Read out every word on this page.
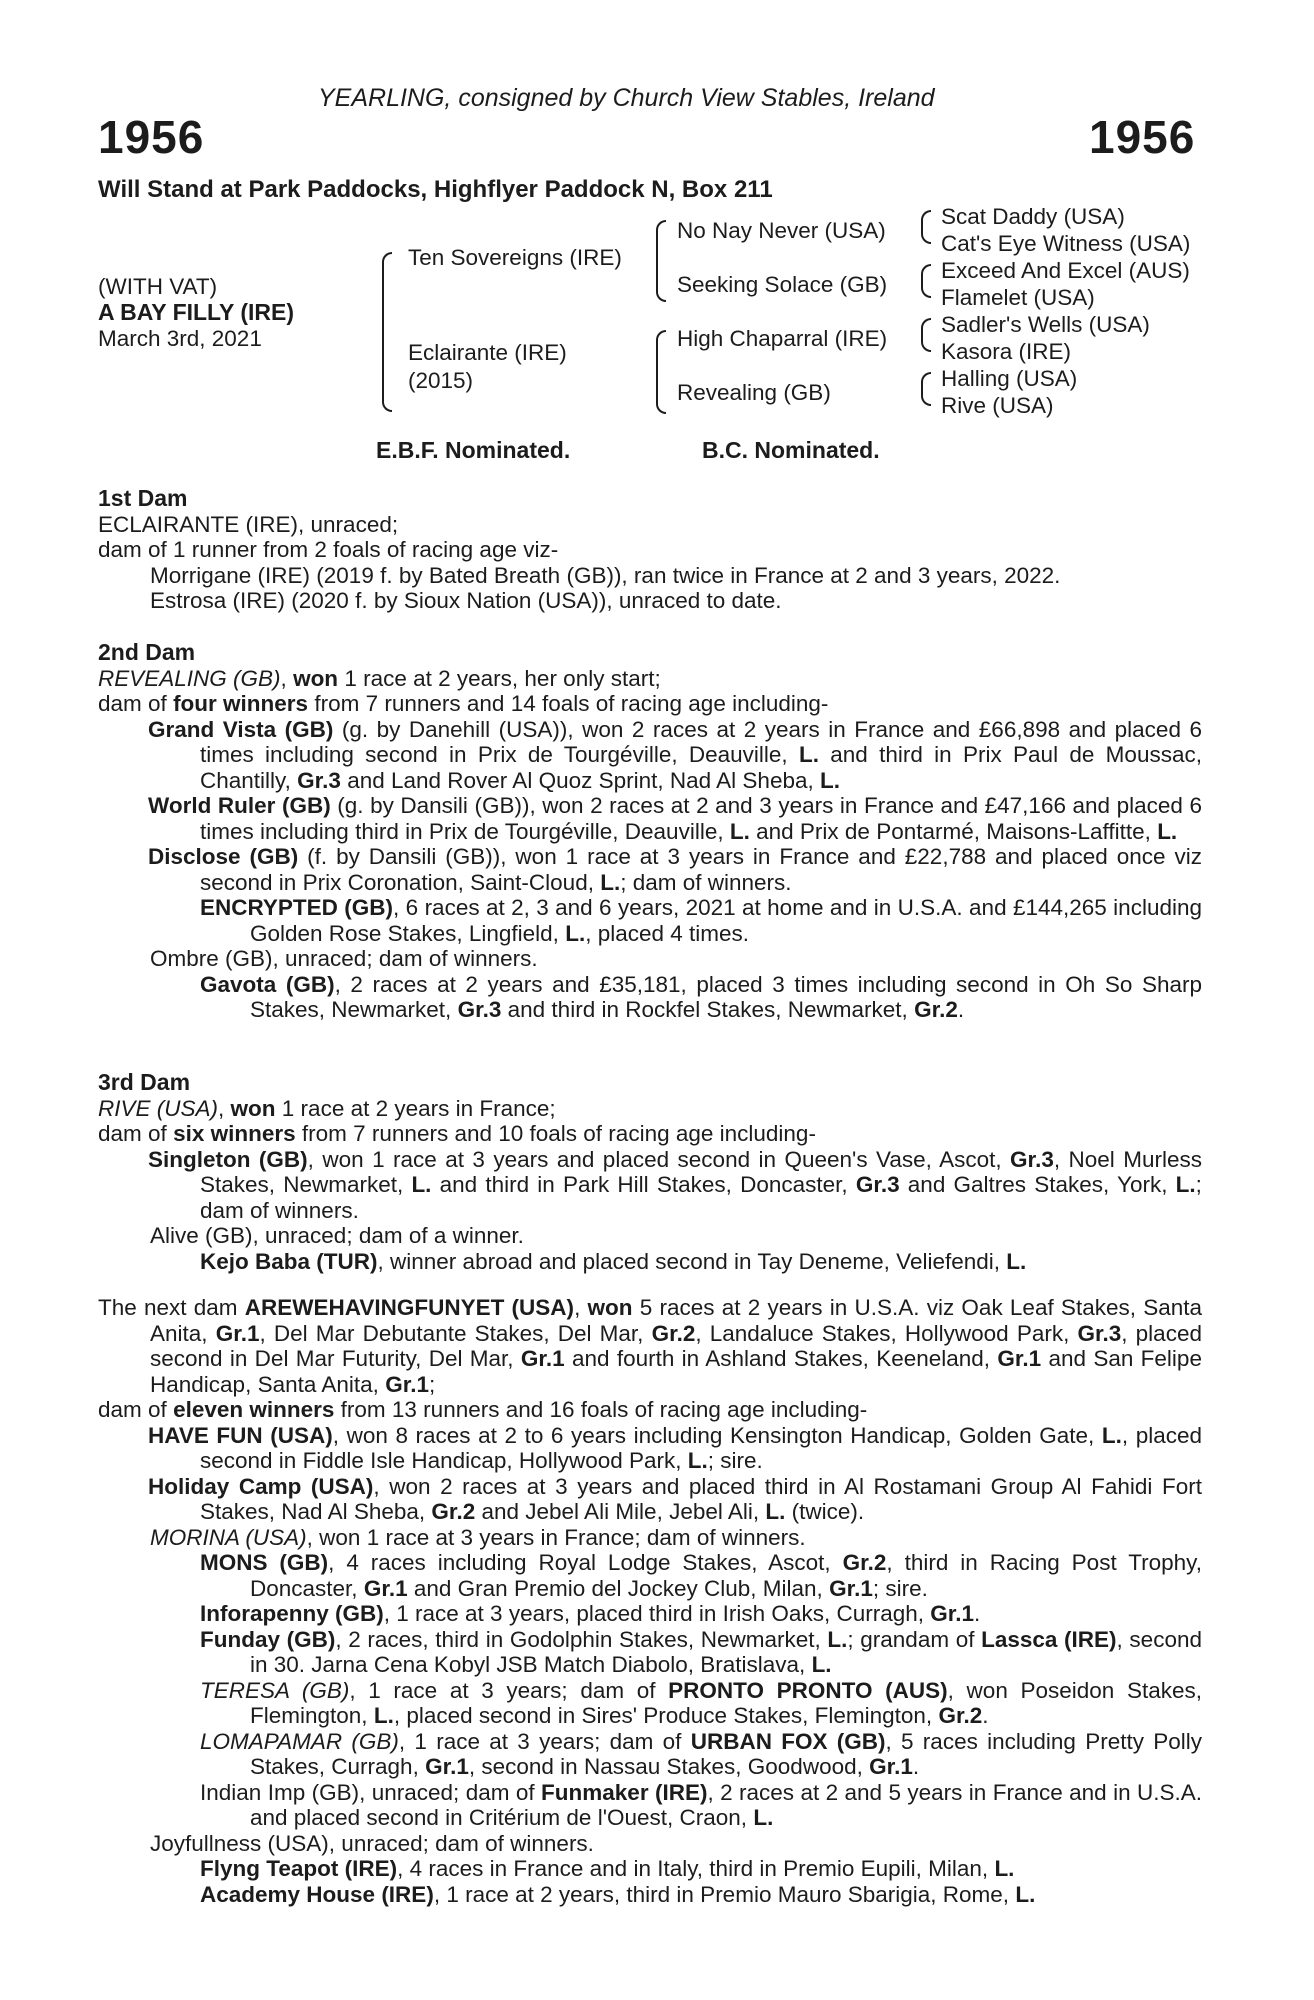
YEARLING, consigned by Church View Stables, Ireland
1956	1956
Will Stand at Park Paddocks, Highflyer Paddock N, Box 211
(WITH VAT)
A BAY FILLY (IRE)
March 3rd, 2021
Ten Sovereigns (IRE)
Eclairante (IRE)
(2015)
No Nay Never (USA)
Seeking Solace (GB)
High Chaparral (IRE)
Revealing (GB)
Scat Daddy (USA)
Cat's Eye Witness (USA)
Exceed And Excel (AUS)
Flamelet (USA)
Sadler's Wells (USA)
Kasora (IRE)
Halling (USA)
Rive (USA)
E.B.F. Nominated.	B.C. Nominated.

1st Dam

ECLAIRANTE (IRE), unraced;

dam of 1 runner from 2 foals of racing age viz-

Morrigane (IRE) (2019 f. by Bated Breath (GB)), ran twice in France at 2 and 3 years, 2022.

Estrosa (IRE) (2020 f. by Sioux Nation (USA)), unraced to date.

2nd Dam

REVEALING (GB), won 1 race at 2 years, her only start;

dam of four winners from 7 runners and 14 foals of racing age including-

Grand Vista (GB) (g. by Danehill (USA)), won 2 races at 2 years in France and £66,898 and placed 6 times including second in Prix de Tourgéville, Deauville, L. and third in Prix Paul de Moussac, Chantilly, Gr.3 and Land Rover Al Quoz Sprint, Nad Al Sheba, L.

World Ruler (GB) (g. by Dansili (GB)), won 2 races at 2 and 3 years in France and £47,166 and placed 6 times including third in Prix de Tourgéville, Deauville, L. and Prix de Pontarmé, Maisons-Laffitte, L.

Disclose (GB) (f. by Dansili (GB)), won 1 race at 3 years in France and £22,788 and placed once viz second in Prix Coronation, Saint-Cloud, L.; dam of winners.

ENCRYPTED (GB), 6 races at 2, 3 and 6 years, 2021 at home and in U.S.A. and £144,265 including Golden Rose Stakes, Lingfield, L., placed 4 times.

Ombre (GB), unraced; dam of winners.

Gavota (GB), 2 races at 2 years and £35,181, placed 3 times including second in Oh So Sharp Stakes, Newmarket, Gr.3 and third in Rockfel Stakes, Newmarket, Gr.2.

3rd Dam

RIVE (USA), won 1 race at 2 years in France;

dam of six winners from 7 runners and 10 foals of racing age including-

Singleton (GB), won 1 race at 3 years and placed second in Queen's Vase, Ascot, Gr.3, Noel Murless Stakes, Newmarket, L. and third in Park Hill Stakes, Doncaster, Gr.3 and Galtres Stakes, York, L.; dam of winners.

Alive (GB), unraced; dam of a winner.

Kejo Baba (TUR), winner abroad and placed second in Tay Deneme, Veliefendi, L.

The next dam AREWEHAVINGFUNYET (USA), won 5 races at 2 years in U.S.A. viz Oak Leaf Stakes, Santa Anita, Gr.1, Del Mar Debutante Stakes, Del Mar, Gr.2, Landaluce Stakes, Hollywood Park, Gr.3, placed second in Del Mar Futurity, Del Mar, Gr.1 and fourth in Ashland Stakes, Keeneland, Gr.1 and San Felipe Handicap, Santa Anita, Gr.1;

dam of eleven winners from 13 runners and 16 foals of racing age including-

HAVE FUN (USA), won 8 races at 2 to 6 years including Kensington Handicap, Golden Gate, L., placed second in Fiddle Isle Handicap, Hollywood Park, L.; sire.

Holiday Camp (USA), won 2 races at 3 years and placed third in Al Rostamani Group Al Fahidi Fort Stakes, Nad Al Sheba, Gr.2 and Jebel Ali Mile, Jebel Ali, L. (twice).

MORINA (USA), won 1 race at 3 years in France; dam of winners.

MONS (GB), 4 races including Royal Lodge Stakes, Ascot, Gr.2, third in Racing Post Trophy, Doncaster, Gr.1 and Gran Premio del Jockey Club, Milan, Gr.1; sire.

Inforapenny (GB), 1 race at 3 years, placed third in Irish Oaks, Curragh, Gr.1.

Funday (GB), 2 races, third in Godolphin Stakes, Newmarket, L.; grandam of Lassca (IRE), second in 30. Jarna Cena Kobyl JSB Match Diabolo, Bratislava, L.

TERESA (GB), 1 race at 3 years; dam of PRONTO PRONTO (AUS), won Poseidon Stakes, Flemington, L., placed second in Sires' Produce Stakes, Flemington, Gr.2.

LOMAPAMAR (GB), 1 race at 3 years; dam of URBAN FOX (GB), 5 races including Pretty Polly Stakes, Curragh, Gr.1, second in Nassau Stakes, Goodwood, Gr.1.

Indian Imp (GB), unraced; dam of Funmaker (IRE), 2 races at 2 and 5 years in France and in U.S.A. and placed second in Critérium de l'Ouest, Craon, L.

Joyfullness (USA), unraced; dam of winners.

Flyng Teapot (IRE), 4 races in France and in Italy, third in Premio Eupili, Milan, L.

Academy House (IRE), 1 race at 2 years, third in Premio Mauro Sbarigia, Rome, L.
